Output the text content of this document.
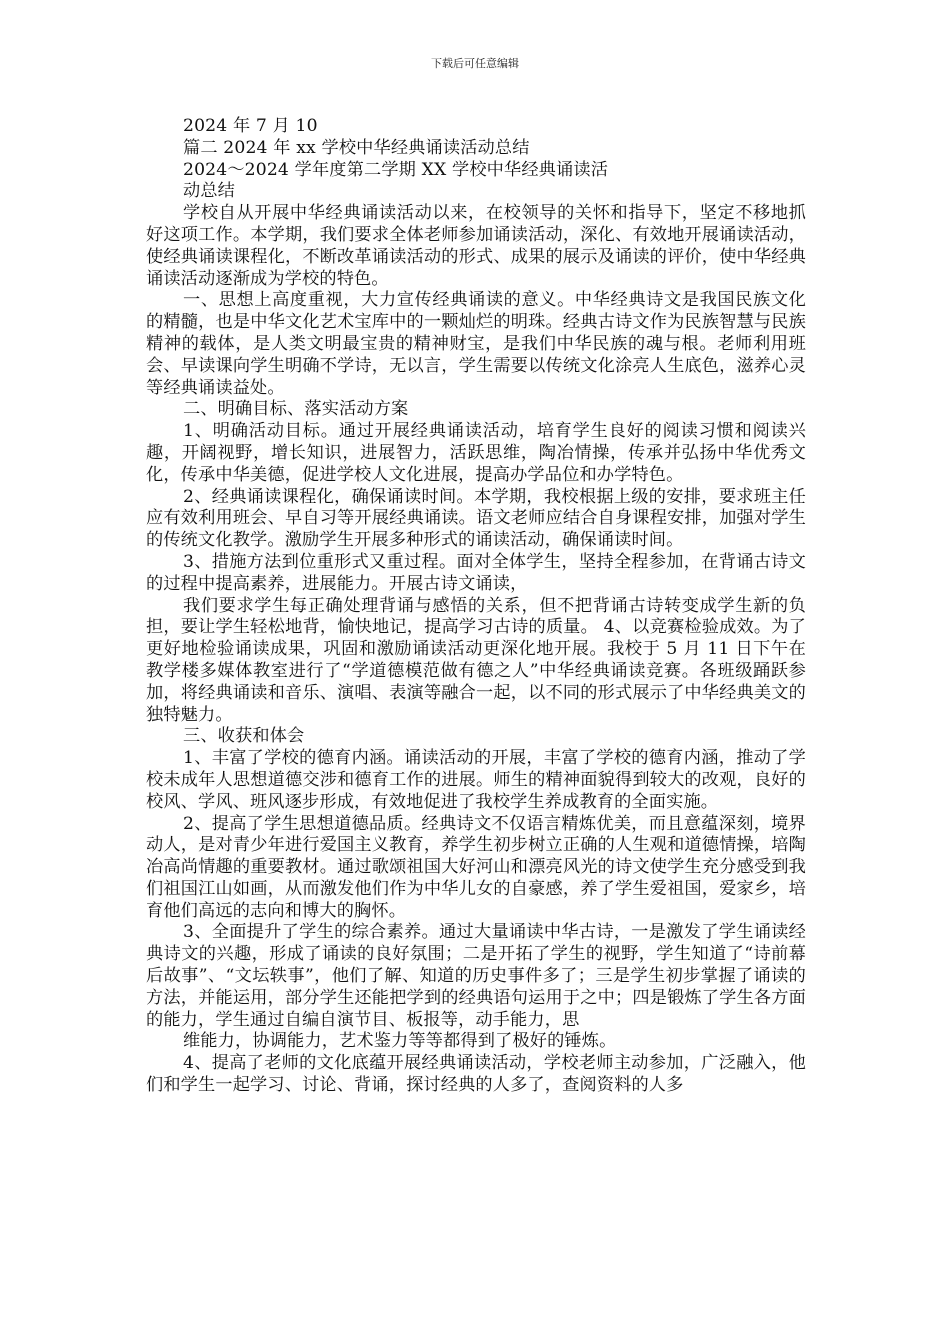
下载后可任意编辑

2024 年 7 月 10

篇二 2024 年 xx 学校中华经典诵读活动总结

2024～2024 学年度第二学期 XX 学校中华经典诵读活

动总结

学校自从开展中华经典诵读活动以来，在校领导的关怀和指导下，坚定不移地抓好这项工作。本学期，我们要求全体老师参加诵读活动，深化、有效地开展诵读活动，使经典诵读课程化，不断改革诵读活动的形式、成果的展示及诵读的评价，使中华经典诵读活动逐渐成为学校的特色。

一、思想上高度重视，大力宣传经典诵读的意义。中华经典诗文是我国民族文化的精髓，也是中华文化艺术宝库中的一颗灿烂的明珠。经典古诗文作为民族智慧与民族精神的载体，是人类文明最宝贵的精神财宝，是我们中华民族的魂与根。老师利用班会、早读课向学生明确不学诗，无以言，学生需要以传统文化涂亮人生底色，滋养心灵等经典诵读益处。

二、明确目标、落实活动方案

1、明确活动目标。通过开展经典诵读活动，培育学生良好的阅读习惯和阅读兴趣，开阔视野，增长知识，进展智力，活跃思维，陶冶情操，传承并弘扬中华优秀文化，传承中华美德，促进学校人文化进展，提高办学品位和办学特色。

2、经典诵读课程化，确保诵读时间。本学期，我校根据上级的安排，要求班主任应有效利用班会、早自习等开展经典诵读。语文老师应结合自身课程安排，加强对学生的传统文化教学。激励学生开展多种形式的诵读活动，确保诵读时间。

3、措施方法到位重形式又重过程。面对全体学生，坚持全程参加，在背诵古诗文的过程中提高素养，进展能力。开展古诗文诵读，

我们要求学生每正确处理背诵与感悟的关系，但不把背诵古诗转变成学生新的负担，要让学生轻松地背，愉快地记，提高学习古诗的质量。 4、以竞赛检验成效。为了更好地检验诵读成果，巩固和激励诵读活动更深化地开展。我校于 5 月 11 日下午在教学楼多媒体教室进行了“学道德模范做有德之人”中华经典诵读竞赛。各班级踊跃参加，将经典诵读和音乐、演唱、表演等融合一起，以不同的形式展示了中华经典美文的独特魅力。

三、收获和体会

1、丰富了学校的德育内涵。诵读活动的开展，丰富了学校的德育内涵，推动了学校未成年人思想道德交涉和德育工作的进展。师生的精神面貌得到较大的改观，良好的校风、学风、班风逐步形成，有效地促进了我校学生养成教育的全面实施。

2、提高了学生思想道德品质。经典诗文不仅语言精炼优美，而且意蕴深刻，境界动人，是对青少年进行爱国主义教育，养学生初步树立正确的人生观和道德情操，培陶冶高尚情趣的重要教材。通过歌颂祖国大好河山和漂亮风光的诗文使学生充分感受到我们祖国江山如画，从而激发他们作为中华儿女的自豪感，养了学生爱祖国，爱家乡，培育他们高远的志向和博大的胸怀。

3、全面提升了学生的综合素养。通过大量诵读中华古诗，一是激发了学生诵读经典诗文的兴趣，形成了诵读的良好氛围；二是开拓了学生的视野，学生知道了“诗前幕后故事”、“文坛轶事”，他们了解、知道的历史事件多了；三是学生初步掌握了诵读的方法，并能运用，部分学生还能把学到的经典语句运用于之中；四是锻炼了学生各方面的能力，学生通过自编自演节目、板报等，动手能力，思

维能力，协调能力，艺术鉴力等等都得到了极好的锤炼。

4、提高了老师的文化底蕴开展经典诵读活动，学校老师主动参加，广泛融入，他们和学生一起学习、讨论、背诵，探讨经典的人多了，查阅资料的人多
